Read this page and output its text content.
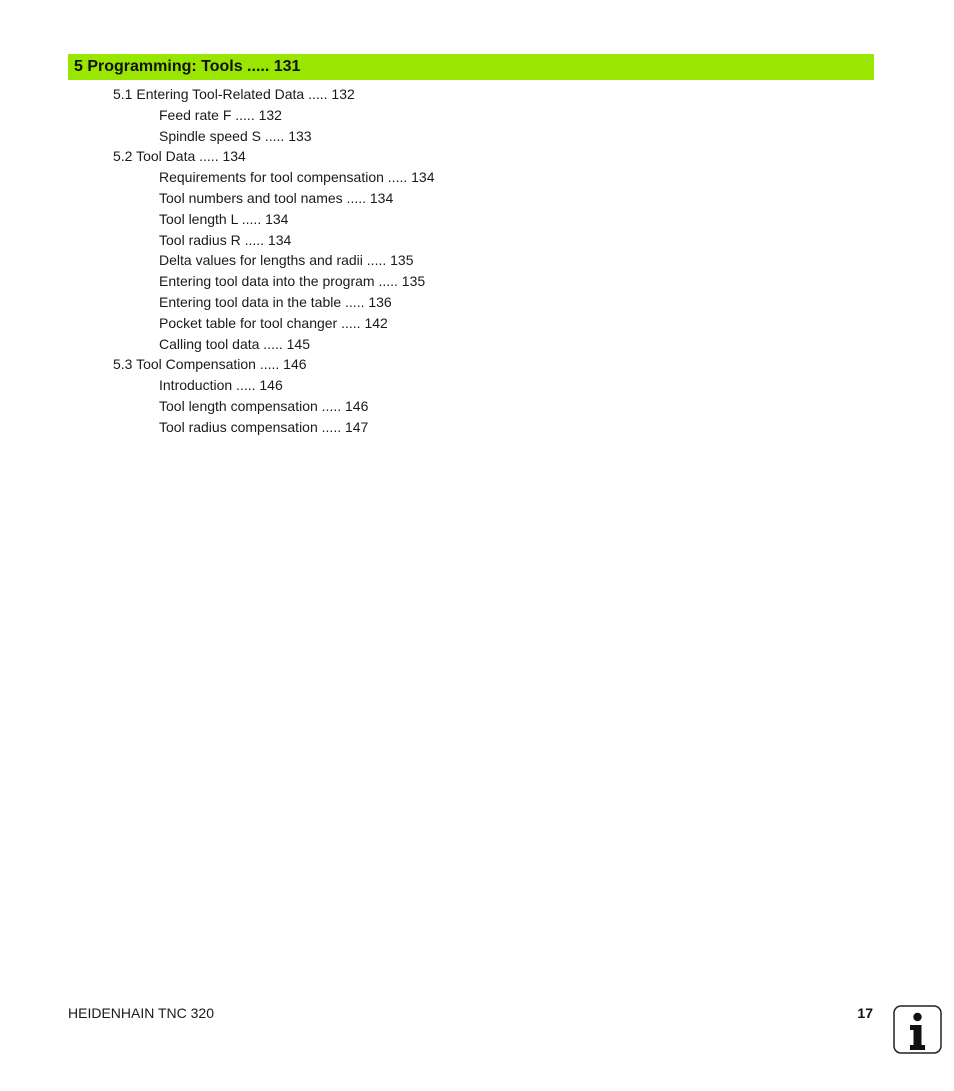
5 Programming: Tools ..... 131
5.1 Entering Tool-Related Data ..... 132
Feed rate F ..... 132
Spindle speed S ..... 133
5.2 Tool Data ..... 134
Requirements for tool compensation ..... 134
Tool numbers and tool names ..... 134
Tool length L ..... 134
Tool radius R ..... 134
Delta values for lengths and radii ..... 135
Entering tool data into the program ..... 135
Entering tool data in the table ..... 136
Pocket table for tool changer ..... 142
Calling tool data ..... 145
5.3 Tool Compensation ..... 146
Introduction ..... 146
Tool length compensation ..... 146
Tool radius compensation ..... 147
HEIDENHAIN TNC 320	17
